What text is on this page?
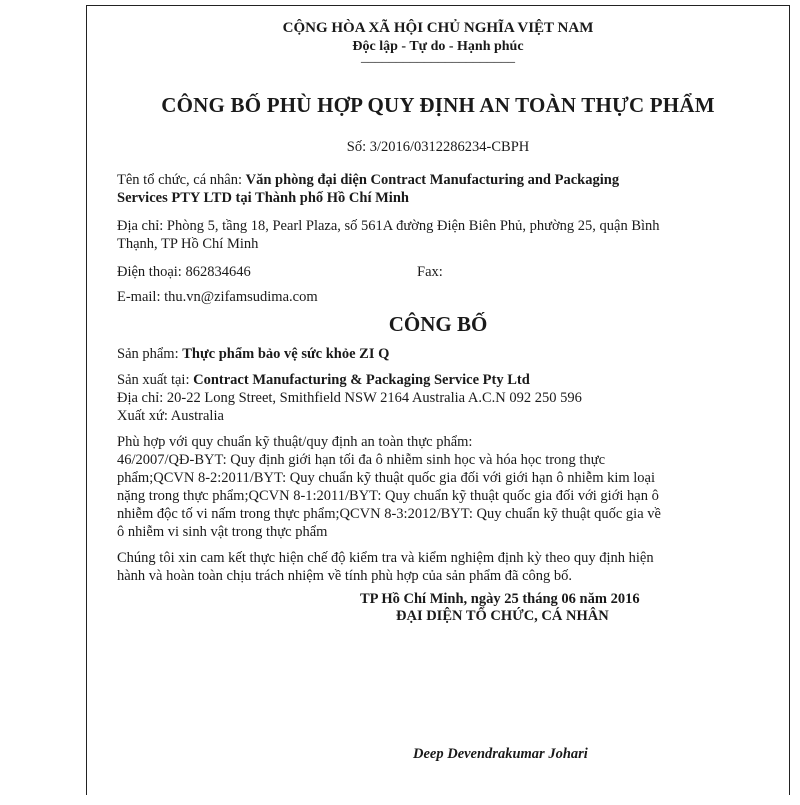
CỘNG HÒA XÃ HỘI CHỦ NGHĨA VIỆT NAM
Độc lập - Tự do - Hạnh phúc
______________________
CÔNG BỐ PHÙ HỢP QUY ĐỊNH AN TOÀN THỰC PHẨM
Số: 3/2016/0312286234-CBPH
Tên tổ chức, cá nhân: Văn phòng đại diện Contract Manufacturing and Packaging
Services PTY LTD tại Thành phố Hồ Chí Minh
Địa chỉ: Phòng 5, tầng 18, Pearl Plaza, số 561A đường Điện Biên Phủ, phường 25, quận Bình
Thạnh, TP Hồ Chí Minh
Điện thoại: 862834646	Fax:
E-mail: thu.vn@zifamsudima.com
CÔNG BỐ
Sản phẩm: Thực phẩm bảo vệ sức khỏe ZI Q
Sản xuất tại: Contract Manufacturing & Packaging Service Pty Ltd
Địa chỉ: 20-22 Long Street, Smithfield NSW 2164 Australia A.C.N 092 250 596
Xuất xứ: Australia
Phù hợp với quy chuẩn kỹ thuật/quy định an toàn thực phẩm:
46/2007/QĐ-BYT: Quy định giới hạn tối đa ô nhiễm sinh học và hóa học trong thực
phẩm;QCVN 8-2:2011/BYT: Quy chuẩn kỹ thuật quốc gia đối với giới hạn ô nhiễm kim loại
nặng trong thực phẩm;QCVN 8-1:2011/BYT: Quy chuẩn kỹ thuật quốc gia đối với giới hạn ô
nhiễm độc tố vi nấm trong thực phẩm;QCVN 8-3:2012/BYT: Quy chuẩn kỹ thuật quốc gia về
ô nhiễm vi sinh vật trong thực phẩm
Chúng tôi xin cam kết thực hiện chế độ kiểm tra và kiểm nghiệm định kỳ theo quy định hiện
hành và hoàn toàn chịu trách nhiệm về tính phù hợp của sản phẩm đã công bố.
TP Hồ Chí Minh, ngày 25 tháng 06 năm 2016
ĐẠI DIỆN TỔ CHỨC, CÁ NHÂN
Deep Devendrakumar Johari
